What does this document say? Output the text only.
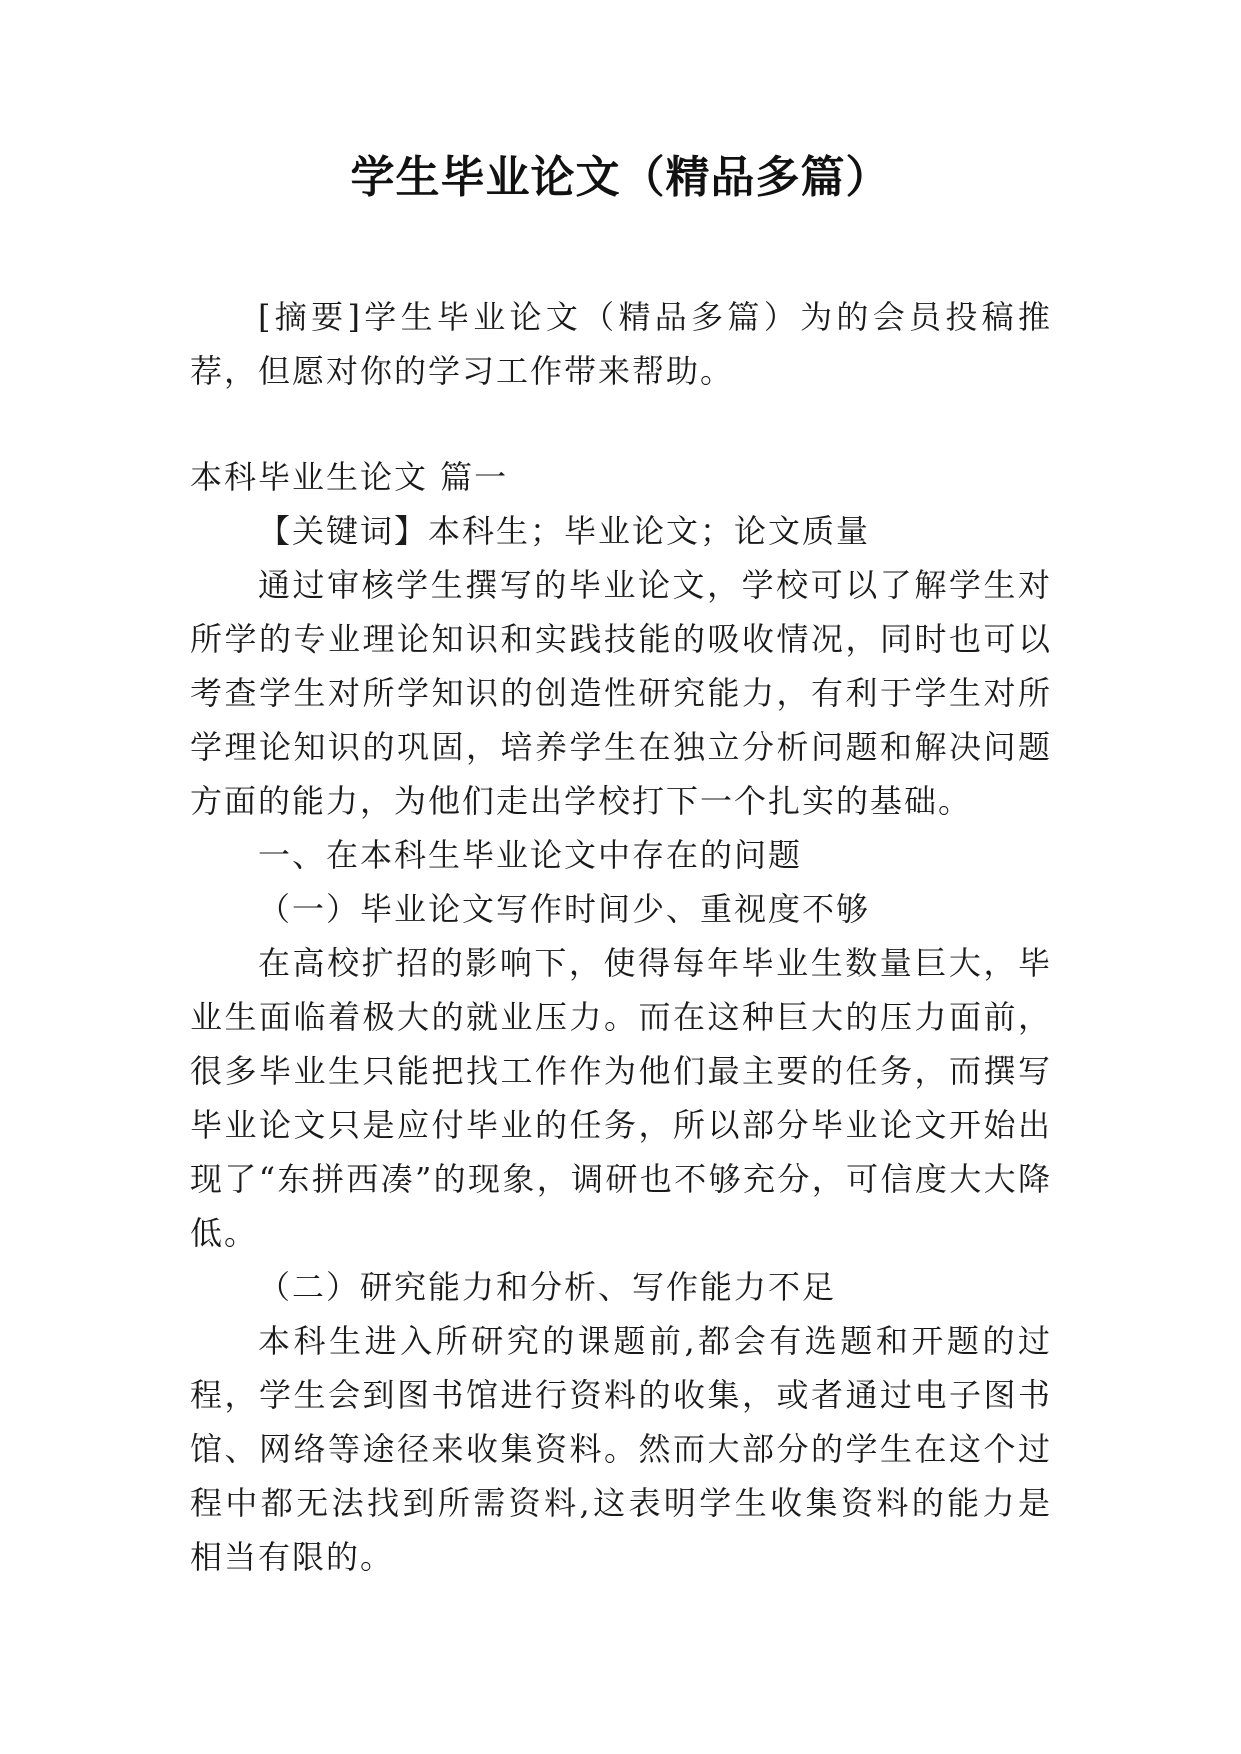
学生毕业论文（精品多篇）

[摘要]学生毕业论文（精品多篇）为的会员投稿推荐，但愿对你的学习工作带来帮助。

本科毕业生论文 篇一

【关键词】本科生；毕业论文；论文质量

通过审核学生撰写的毕业论文，学校可以了解学生对所学的专业理论知识和实践技能的吸收情况，同时也可以考查学生对所学知识的创造性研究能力，有利于学生对所学理论知识的巩固，培养学生在独立分析问题和解决问题方面的能力，为他们走出学校打下一个扎实的基础。

一、在本科生毕业论文中存在的问题

（一）毕业论文写作时间少、重视度不够

在高校扩招的影响下，使得每年毕业生数量巨大，毕业生面临着极大的就业压力。而在这种巨大的压力面前，很多毕业生只能把找工作作为他们最主要的任务，而撰写毕业论文只是应付毕业的任务，所以部分毕业论文开始出现了“东拼西凑”的现象，调研也不够充分，可信度大大降低。

（二）研究能力和分析、写作能力不足

本科生进入所研究的课题前,都会有选题和开题的过程，学生会到图书馆进行资料的收集，或者通过电子图书馆、网络等途径来收集资料。然而大部分的学生在这个过程中都无法找到所需资料,这表明学生收集资料的能力是相当有限的。
